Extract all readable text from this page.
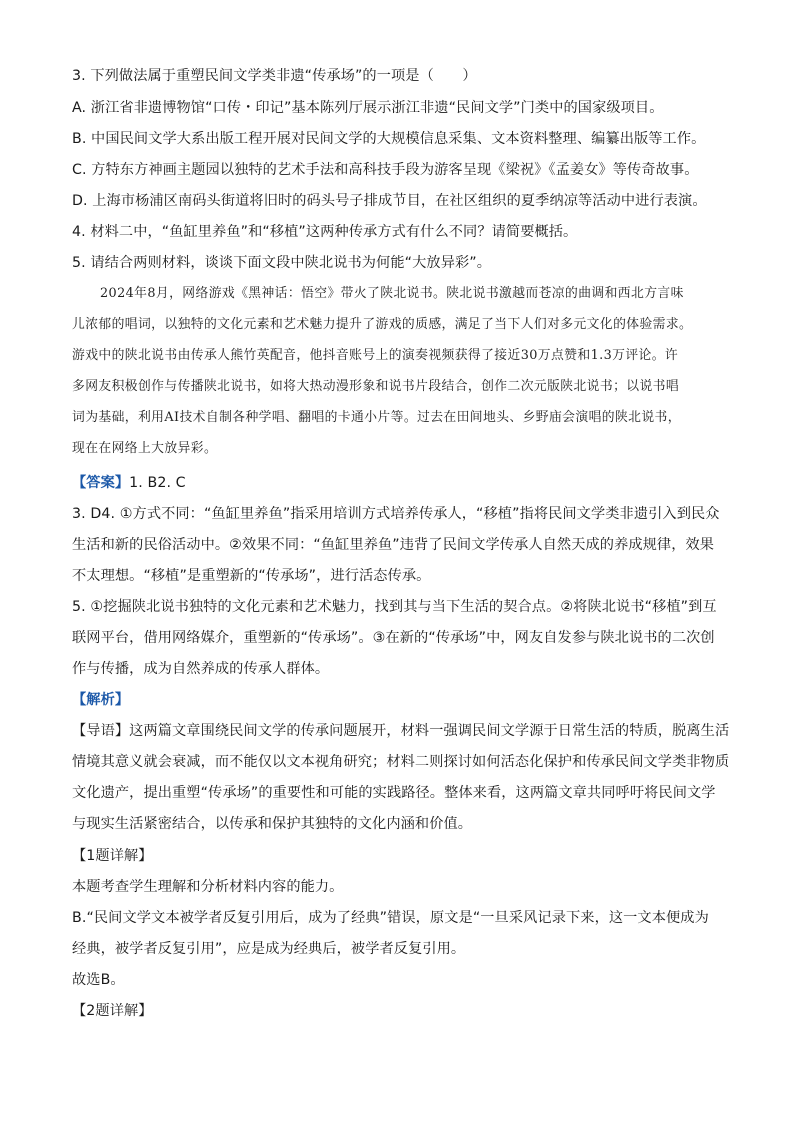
3. 下列做法属于重塑民间文学类非遗“传承场”的一项是（　　）
A. 浙江省非遗博物馆“口传・印记”基本陈列厅展示浙江非遗“民间文学”门类中的国家级项目。
B. 中国民间文学大系出版工程开展对民间文学的大规模信息采集、文本资料整理、编纂出版等工作。
C. 方特东方神画主题园以独特的艺术手法和高科技手段为游客呈现《梁祝》《孟姜女》等传奇故事。
D. 上海市杨浦区南码头街道将旧时的码头号子排成节目，在社区组织的夏季纳凉等活动中进行表演。
4. 材料二中，“鱼缸里养鱼”和“移植”这两种传承方式有什么不同？请简要概括。
5. 请结合两则材料，谈谈下面文段中陕北说书为何能“大放异彩”。
2024年8月，网络游戏《黑神话：悟空》带火了陕北说书。陕北说书激越而苍凉的曲调和西北方言味
儿浓郁的唱词，以独特的文化元素和艺术魅力提升了游戏的质感，满足了当下人们对多元文化的体验需求。
游戏中的陕北说书由传承人熊竹英配音，他抖音账号上的演奏视频获得了接近30万点赞和1.3万评论。许
多网友积极创作与传播陕北说书，如将大热动漫形象和说书片段结合，创作二次元版陕北说书；以说书唱
词为基础，利用AI技术自制各种学唱、翻唱的卡通小片等。过去在田间地头、乡野庙会演唱的陕北说书，
现在在网络上大放异彩。
【答案】1. B2. C
3. D4. ①方式不同：“鱼缸里养鱼”指采用培训方式培养传承人，“移植”指将民间文学类非遗引入到民众
生活和新的民俗活动中。②效果不同：“鱼缸里养鱼”违背了民间文学传承人自然天成的养成规律，效果
不太理想。“移植”是重塑新的“传承场”，进行活态传承。
5. ①挖掘陕北说书独特的文化元素和艺术魅力，找到其与当下生活的契合点。②将陕北说书“移植”到互
联网平台，借用网络媒介，重塑新的“传承场”。③在新的“传承场”中，网友自发参与陕北说书的二次创
作与传播，成为自然养成的传承人群体。
【解析】
【导语】这两篇文章围绕民间文学的传承问题展开，材料一强调民间文学源于日常生活的特质，脱离生活
情境其意义就会衰减，而不能仅以文本视角研究；材料二则探讨如何活态化保护和传承民间文学类非物质
文化遗产，提出重塑“传承场”的重要性和可能的实践路径。整体来看，这两篇文章共同呼吁将民间文学
与现实生活紧密结合，以传承和保护其独特的文化内涵和价值。
【1题详解】
本题考查学生理解和分析材料内容的能力。
B.“民间文学文本被学者反复引用后，成为了经典”错误，原文是“一旦采风记录下来，这一文本便成为
经典，被学者反复引用”，应是成为经典后，被学者反复引用。
故选B。
【2题详解】
